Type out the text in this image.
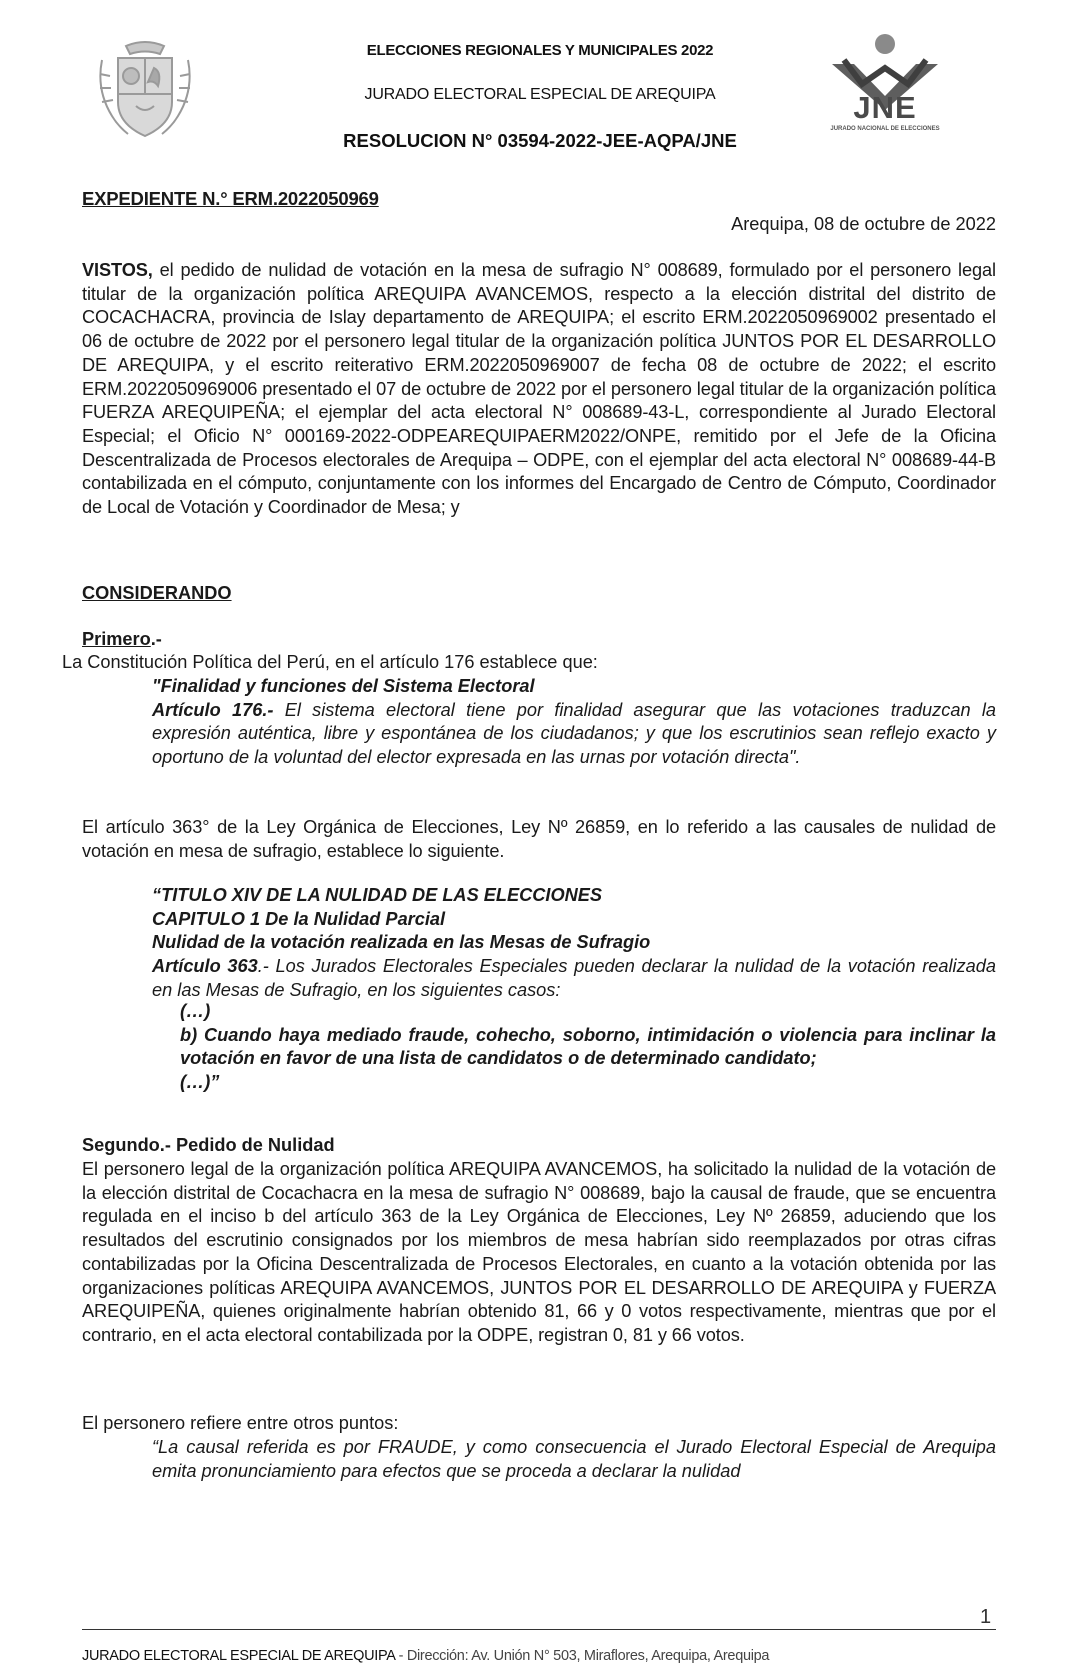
ELECCIONES REGIONALES Y MUNICIPALES 2022
JURADO ELECTORAL ESPECIAL DE AREQUIPA
RESOLUCION N° 03594-2022-JEE-AQPA/JNE
JNE
JURADO NACIONAL DE ELECCIONES
EXPEDIENTE N.° ERM.2022050969
Arequipa, 08 de octubre de 2022
VISTOS, el pedido de nulidad de votación en la mesa de sufragio N° 008689, formulado por el personero legal titular de la organización política AREQUIPA AVANCEMOS, respecto a la elección distrital del distrito de COCACHACRA, provincia de Islay departamento de AREQUIPA; el escrito ERM.2022050969002 presentado el 06 de octubre de 2022 por el personero legal titular de la organización política JUNTOS POR EL DESARROLLO DE AREQUIPA, y el escrito reiterativo ERM.2022050969007 de fecha 08 de octubre de 2022; el escrito ERM.2022050969006 presentado el 07 de octubre de 2022 por el personero legal titular de la organización política FUERZA AREQUIPEÑA; el ejemplar del acta electoral N° 008689-43-L, correspondiente al Jurado Electoral Especial; el Oficio N° 000169-2022-ODPEAREQUIPAERM2022/ONPE, remitido por el Jefe de la Oficina Descentralizada de Procesos electorales de Arequipa – ODPE, con el ejemplar del acta electoral N° 008689-44-B contabilizada en el cómputo, conjuntamente con los informes del Encargado de Centro de Cómputo, Coordinador de Local de Votación y Coordinador de Mesa; y
CONSIDERANDO
Primero.-
La Constitución Política del Perú, en el artículo 176 establece que:
"Finalidad y funciones del Sistema Electoral
Artículo 176.- El sistema electoral tiene por finalidad asegurar que las votaciones traduzcan la expresión auténtica, libre y espontánea de los ciudadanos; y que los escrutinios sean reflejo exacto y oportuno de la voluntad del elector expresada en las urnas por votación directa".
El artículo 363° de la Ley Orgánica de Elecciones, Ley Nº 26859, en lo referido a las causales de nulidad de votación en mesa de sufragio, establece lo siguiente.
“TITULO XIV DE LA NULIDAD DE LAS ELECCIONES
CAPITULO 1 De la Nulidad Parcial
Nulidad de la votación realizada en las Mesas de Sufragio
Artículo 363.- Los Jurados Electorales Especiales pueden declarar la nulidad de la votación realizada en las Mesas de Sufragio, en los siguientes casos:
(…)
b) Cuando haya mediado fraude, cohecho, soborno, intimidación o violencia para inclinar la votación en favor de una lista de candidatos o de determinado candidato;
(…)”
Segundo.- Pedido de Nulidad
El personero legal de la organización política AREQUIPA AVANCEMOS, ha solicitado la nulidad de la votación de la elección distrital de Cocachacra en la mesa de sufragio N° 008689, bajo la causal de fraude, que se encuentra regulada en el inciso b del artículo 363 de la Ley Orgánica de Elecciones, Ley Nº 26859, aduciendo que los resultados del escrutinio consignados por los miembros de mesa habrían sido reemplazados por otras cifras contabilizadas por la Oficina Descentralizada de Procesos Electorales, en cuanto a la votación obtenida por las organizaciones políticas AREQUIPA AVANCEMOS, JUNTOS POR EL DESARROLLO DE AREQUIPA y FUERZA AREQUIPEÑA, quienes originalmente habrían obtenido 81, 66 y 0 votos respectivamente, mientras que por el contrario, en el acta electoral contabilizada por la ODPE, registran 0, 81 y 66 votos.
El personero refiere entre otros puntos:
“La causal referida es por FRAUDE, y como consecuencia el Jurado Electoral Especial de Arequipa emita pronunciamiento para efectos que se proceda a declarar la nulidad
1
JURADO ELECTORAL ESPECIAL DE AREQUIPA - Dirección: Av. Unión N° 503, Miraflores, Arequipa, Arequipa
